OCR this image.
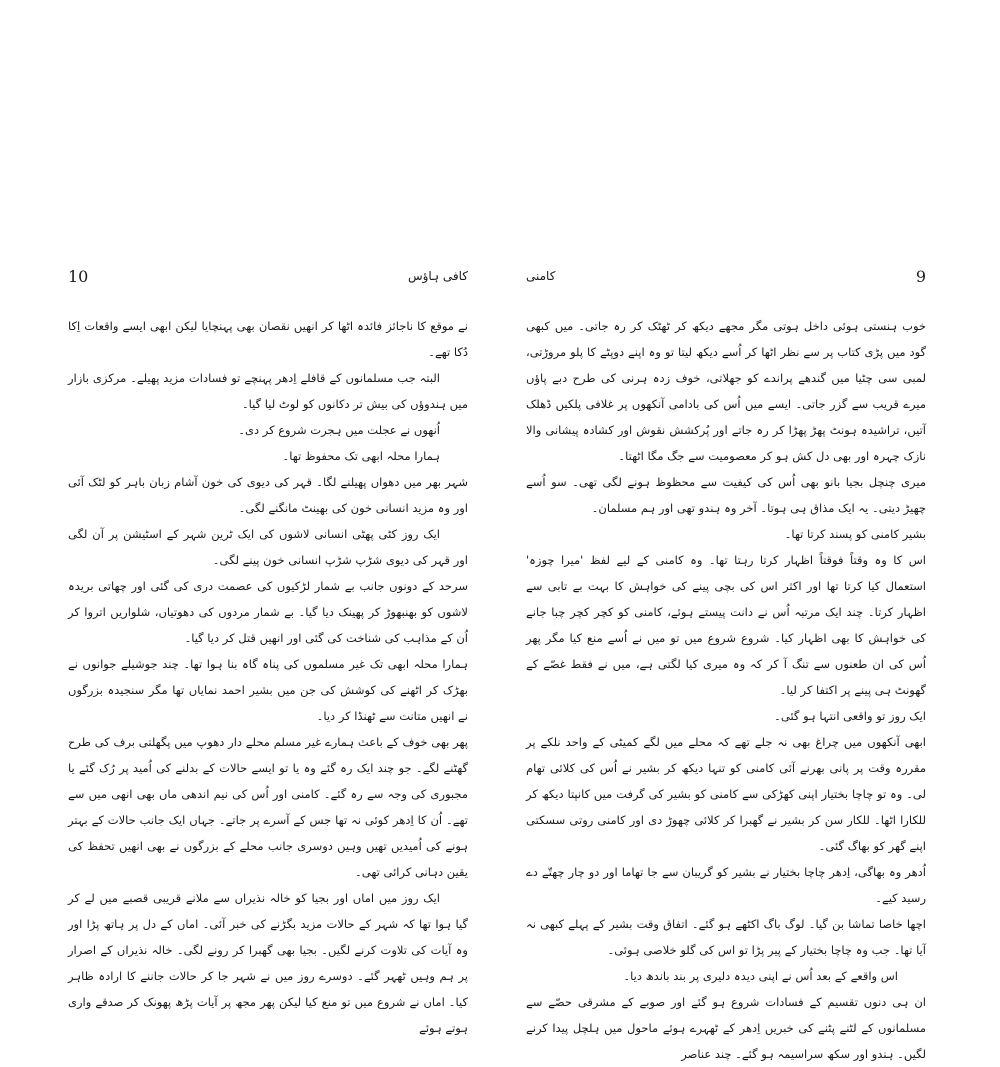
10	کافی ہاؤس

نے موقع کا ناجائز فائدہ اٹھا کر انھیں نقصان بھی پہنچایا لیکن ابھی ایسے واقعات اِکا دُکا تھے۔

البتہ جب مسلمانوں کے قافلے اِدھر پہنچے تو فسادات مزید پھیلے۔ مرکزی بازار میں ہندوؤں کی بیش تر دکانوں کو لوٹ لیا گیا۔

اُنھوں نے عجلت میں ہجرت شروع کر دی۔

ہمارا محلہ ابھی تک محفوظ تھا۔

شہر بھر میں دھواں پھیلنے لگا۔ قہر کی دیوی کی خون آشام زبان باہر کو لٹک آئی اور وہ مزید انسانی خون کی بھینٹ مانگنے لگی۔

ایک روز کٹی پھٹی انسانی لاشوں کی ایک ٹرین شہر کے اسٹیشن پر آن لگی اور قہر کی دیوی شڑپ شڑپ انسانی خون پینے لگی۔

سرحد کے دونوں جانب بے شمار لڑکیوں کی عصمت دری کی گئی اور چھاتی بریدہ لاشوں کو بھنبھوڑ کر پھینک دیا گیا۔ بے شمار مردوں کی دھوتیاں، شلواریں اتروا کر اُن کے مذاہب کی شناخت کی گئی اور انھیں قتل کر دیا گیا۔

ہمارا محلہ ابھی تک غیر مسلموں کی پناہ گاہ بنا ہوا تھا۔ چند جوشیلے جوانوں نے بھڑک کر اٹھنے کی کوشش کی جن میں بشیر احمد نمایاں تھا مگر سنجیدہ بزرگوں نے انھیں متانت سے ٹھنڈا کر دیا۔

پھر بھی خوف کے باعث ہمارے غیر مسلم محلے دار دھوپ میں پگھلتی برف کی طرح گھٹنے لگے۔ جو چند ایک رہ گئے وہ یا تو ایسے حالات کے بدلنے کی اُمید پر رُک گئے یا مجبوری کی وجہ سے رہ گئے۔ کامنی اور اُس کی نیم اندھی ماں بھی انھی میں سے تھے۔ اُن کا اِدھر کوئی نہ تھا جس کے آسرے پر جاتے۔ جہاں ایک جانب حالات کے بہتر ہونے کی اُمیدیں تھیں وہیں دوسری جانب محلے کے بزرگوں نے بھی انھیں تحفظ کی یقین دہانی کرائی تھی۔

ایک روز میں اماں اور بجیا کو خالہ نذیراں سے ملانے قریبی قصبے میں لے کر گیا ہوا تھا کہ شہر کے حالات مزید بگڑنے کی خبر آئی۔ اماں کے دل پر ہاتھ پڑا اور وہ آیات کی تلاوت کرنے لگیں۔ بجیا بھی گھبرا کر رونے لگی۔ خالہ نذیراں کے اصرار پر ہم وہیں ٹھہر گئے۔ دوسرے روز میں نے شہر جا کر حالات جاننے کا ارادہ ظاہر کیا۔ اماں نے شروع میں تو منع کیا لیکن پھر مجھ پر آیات پڑھ پھونک کر صدقے واری ہوتے ہوئے

9
کامنی

خوب ہنستی ہوئی داخل ہوتی مگر مجھے دیکھ کر ٹھٹک کر رہ جاتی۔ میں کبھی گود میں پڑی کتاب پر سے نظر اٹھا کر اُسے دیکھ لیتا تو وہ اپنے دوپٹے کا پلو مروڑتی، لمبی سی چٹیا میں گندھے پراندے کو جھلاتی، خوف زدہ ہرنی کی طرح دبے پاؤں میرے قریب سے گزر جاتی۔ ایسے میں اُس کی بادامی آنکھوں پر غلافی پلکیں ڈھلک آتیں، تراشیدہ ہونٹ پھڑ پھڑا کر رہ جاتے اور پُرکشش نقوش اور کشادہ پیشانی والا نازک چہرہ اور بھی دل کش ہو کر معصومیت سے جگ مگا اٹھتا۔

میری چنچل بجیا بانو بھی اُس کی کیفیت سے محظوظ ہونے لگی تھی۔ سو اُسے چھیڑ دیتی۔ یہ ایک مذاق ہی ہوتا۔ آخر وہ ہندو تھی اور ہم مسلمان۔

بشیر کامنی کو پسند کرتا تھا۔

اس کا وہ وقتاً فوقتاً اظہار کرتا رہتا تھا۔ وہ کامنی کے لیے لفظ 'میرا چوزہ' استعمال کیا کرتا تھا اور اکثر اس کی بچی پینے کی خواہش کا بہت بے تابی سے اظہار کرتا۔ چند ایک مرتبہ اُس نے دانت پیستے ہوئے، کامنی کو کچر کچر چبا جانے کی خواہش کا بھی اظہار کیا۔ شروع شروع میں تو میں نے اُسے منع کیا مگر پھر اُس کی ان طعنوں سے تنگ آ کر کہ وہ میری کیا لگتی ہے، میں نے فقط غصّے کے گھونٹ ہی پینے پر اکتفا کر لیا۔

ایک روز تو واقعی انتہا ہو گئی۔

ابھی آنکھوں میں چراغ بھی نہ جلے تھے کہ محلے میں لگے کمیٹی کے واحد نلکے پر مقررہ وقت پر پانی بھرنے آئی کامنی کو تنہا دیکھ کر بشیر نے اُس کی کلائی تھام لی۔ وہ تو چاچا بختیار اپنی کھڑکی سے کامنی کو بشیر کی گرفت میں کانپتا دیکھ کر للکارا اٹھا۔ للکار سن کر بشیر نے گھبرا کر کلائی چھوڑ دی اور کامنی روتی سسکتی اپنے گھر کو بھاگ گئی۔

اُدھر وہ بھاگی، اِدھر چاچا بختیار نے بشیر کو گریبان سے جا تھاما اور دو چار چھتّے دے رسید کیے۔

اچھا خاصا تماشا بن گیا۔ لوگ باگ اکٹھے ہو گئے۔ اتفاق وقت بشیر کے پہلے کبھی نہ آیا تھا۔ جب وہ چاچا بختیار کے پیر پڑا تو اس کی گلو خلاصی ہوئی۔

اس واقعے کے بعد اُس نے اپنی دیدہ دلیری پر بند باندھ دیا۔

ان ہی دنوں تقسیم کے فسادات شروع ہو گئے اور صوبے کے مشرقی حصّے سے مسلمانوں کے لٹنے پٹنے کی خبریں اِدھر کے ٹھہرے ہوئے ماحول میں ہلچل پیدا کرنے لگیں۔ ہندو اور سکھ سراسیمہ ہو گئے۔ چند عناصر
